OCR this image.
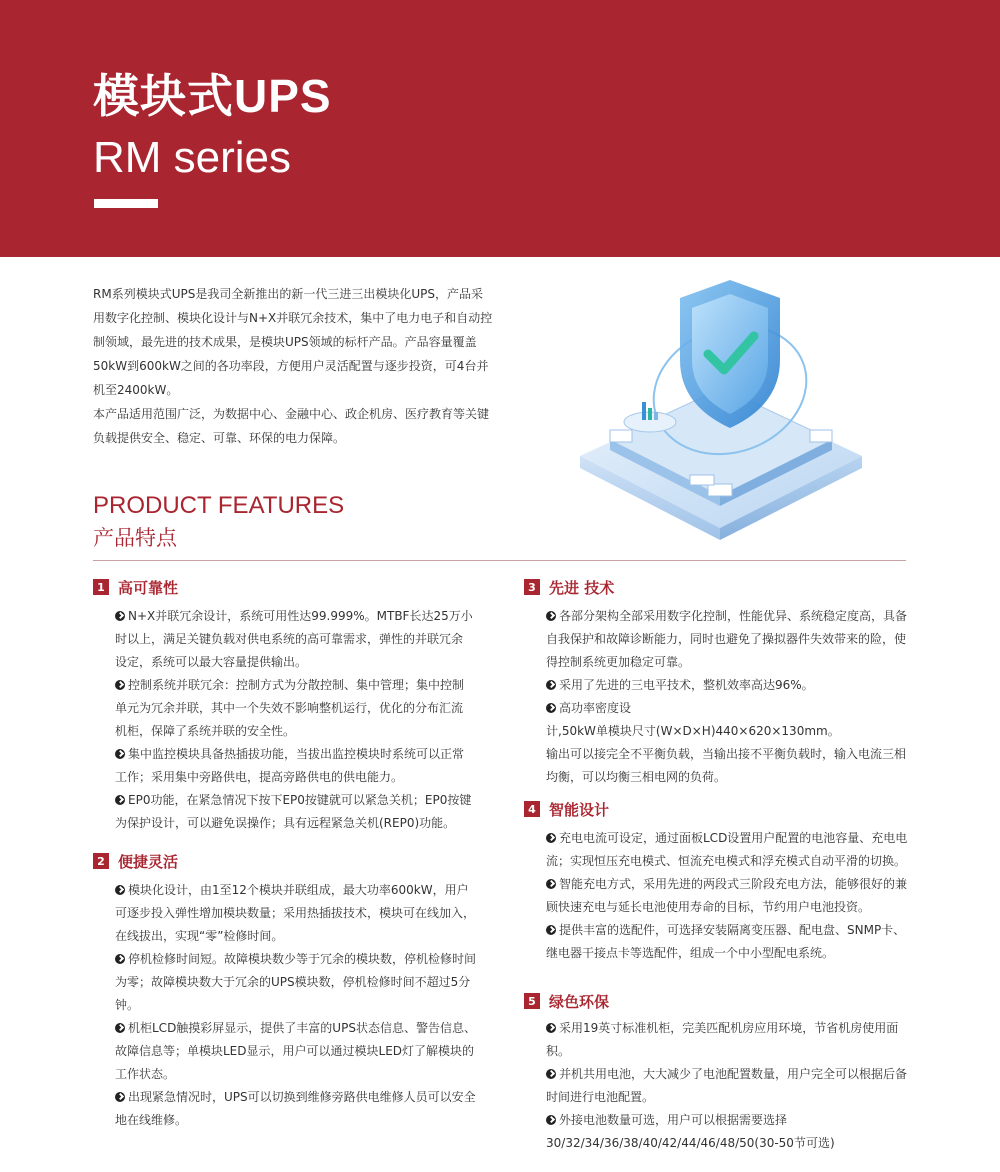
模块式UPS
RM series

RM系列模块式UPS是我司全新推出的新一代三进三出模块化UPS，产品采用数字化控制、模块化设计与N+X并联冗余技术，集中了电力电子和自动控制领域，最先进的技术成果，是模块UPS领域的标杆产品。产品容量覆盖50kW到600kW之间的各功率段，方便用户灵活配置与逐步投资，可4台并机至2400kW。

本产品适用范围广泛，为数据中心、金融中心、政企机房、医疗教育等关键负载提供安全、稳定、可靠、环保的电力保障。

PRODUCT FEATURES
产品特点
1 高可靠性
N+X并联冗余设计，系统可用性达99.999%。MTBF长达25万小时以上，满足关键负载对供电系统的高可靠需求，弹性的并联冗余设定，系统可以最大容量提供输出。
控制系统并联冗余：控制方式为分散控制、集中管理；集中控制单元为冗余并联，其中一个失效不影响整机运行，优化的分布汇流机柜，保障了系统并联的安全性。
集中监控模块具备热插拔功能，当拔出监控模块时系统可以正常工作；采用集中旁路供电，提高旁路供电的供电能力。
EP0功能，在紧急情况下按下EP0按键就可以紧急关机；EP0按键为保护设计，可以避免误操作；具有远程紧急关机(REP0)功能。
2 便捷灵活
模块化设计，由1至12个模块并联组成，最大功率600kW，用户可逐步投入弹性增加模块数量；采用热插拔技术，模块可在线加入，在线拔出，实现“零”检修时间。
停机检修时间短。故障模块数少等于冗余的模块数，停机检修时间为零；故障模块数大于冗余的UPS模块数，停机检修时间不超过5分钟。
机柜LCD触摸彩屏显示，提供了丰富的UPS状态信息、警告信息、故障信息等；单模块LED显示，用户可以通过模块LED灯了解模块的工作状态。
出现紧急情况时，UPS可以切换到维修旁路供电维修人员可以安全地在线维修。
3 先进 技术
各部分架构全部采用数字化控制，性能优异、系统稳定度高，具备自我保护和故障诊断能力，同时也避免了操拟器件失效带来的险，使得控制系统更加稳定可靠。
采用了先进的三电平技术，整机效率高达96%。
高功率密度设
计,50kW单模块尺寸(W×D×H)440×620×130mm。
输出可以接完全不平衡负载，当输出接不平衡负载时，输入电流三相均衡，可以均衡三相电网的负荷。
4 智能设计
充电电流可设定，通过面板LCD设置用户配置的电池容量、充电电流；实现恒压充电模式、恒流充电模式和浮充模式自动平滑的切换。
智能充电方式，采用先进的两段式三阶段充电方法，能够很好的兼顾快速充电与延长电池使用寿命的目标，节约用户电池投资。
提供丰富的选配件，可选择安装隔离变压器、配电盘、SNMP卡、继电器干接点卡等选配件，组成一个中小型配电系统。
5 绿色环保
采用19英寸标准机柜，完美匹配机房应用环境，节省机房使用面积。
并机共用电池，大大减少了电池配置数量，用户完全可以根据后备时间进行电池配置。
外接电池数量可选，用户可以根据需要选择30/32/34/36/38/40/42/44/46/48/50(30-50节可选)
